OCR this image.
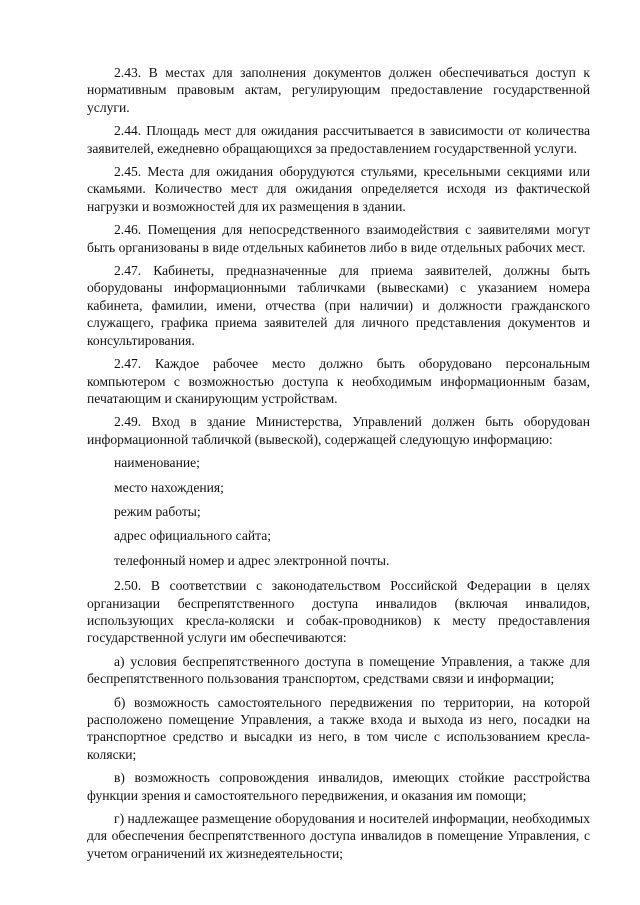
2.43. В местах для заполнения документов должен обеспечиваться доступ к нормативным правовым актам, регулирующим предоставление государственной услуги.

2.44. Площадь мест для ожидания рассчитывается в зависимости от количества заявителей, ежедневно обращающихся за предоставлением государственной услуги.

2.45. Места для ожидания оборудуются стульями, кресельными секциями или скамьями. Количество мест для ожидания определяется исходя из фактической нагрузки и возможностей для их размещения в здании.

2.46. Помещения для непосредственного взаимодействия с заявителями могут быть организованы в виде отдельных кабинетов либо в виде отдельных рабочих мест.

2.47. Кабинеты, предназначенные для приема заявителей, должны быть оборудованы информационными табличками (вывесками) с указанием номера кабинета, фамилии, имени, отчества (при наличии) и должности гражданского служащего, графика приема заявителей для личного представления документов и консультирования.

2.47. Каждое рабочее место должно быть оборудовано персональным компьютером с возможностью доступа к необходимым информационным базам, печатающим и сканирующим устройствам.

2.49. Вход в здание Министерства, Управлений должен быть оборудован информационной табличкой (вывеской), содержащей следующую информацию:

наименование;

место нахождения;

режим работы;

адрес официального сайта;

телефонный номер и адрес электронной почты.

2.50. В соответствии с законодательством Российской Федерации в целях организации беспрепятственного доступа инвалидов (включая инвалидов, использующих кресла-коляски и собак-проводников) к месту предоставления государственной услуги им обеспечиваются:

а) условия беспрепятственного доступа в помещение Управления, а также для беспрепятственного пользования транспортом, средствами связи и информации;

б) возможность самостоятельного передвижения по территории, на которой расположено помещение Управления, а также входа и выхода из него, посадки на транспортное средство и высадки из него, в том числе с использованием кресла-коляски;

в) возможность сопровождения инвалидов, имеющих стойкие расстройства функции зрения и самостоятельного передвижения, и оказания им помощи;

г) надлежащее размещение оборудования и носителей информации, необходимых для обеспечения беспрепятственного доступа инвалидов в помещение Управления, с учетом ограничений их жизнедеятельности;
